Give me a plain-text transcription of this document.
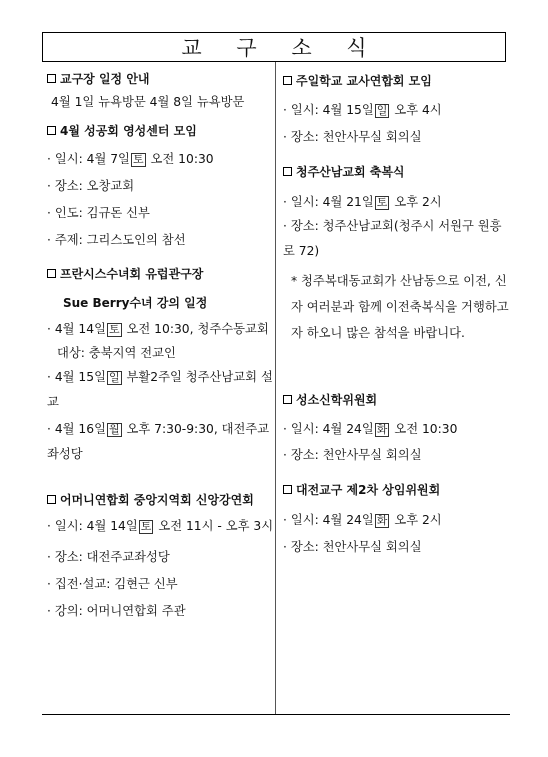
교 구 소 식

교구장 일정 안내

4월 1일 뉴욕방문 4월 8일 뉴욕방문

4월 성공회 영성센터 모임

· 일시: 4월 7일 토 오전 10:30

· 장소: 오창교회

· 인도: 김규돈 신부

· 주제: 그리스도인의 참선

프란시스수녀회 유럽관구장

Sue Berry수녀 강의 일정

· 4월 14일 토 오전 10:30, 청주수동교회

대상: 충북지역 전교인

· 4월 15일 일 부활2주일 청주산남교회 설교

· 4월 16일 월 오후 7:30-9:30, 대전주교좌성당

어머니연합회 중앙지역회 신앙강연회

· 일시: 4월 14일 토 오전 11시 - 오후 3시

· 장소: 대전주교좌성당

· 집전·설교: 김현근 신부

· 강의: 어머니연합회 주관

주일학교 교사연합회 모임

· 일시: 4월 15일 일 오후 4시

· 장소: 천안사무실 회의실

청주산남교회 축복식

· 일시: 4월 21일 토 오후 2시

· 장소: 청주산남교회(청주시 서원구 원흥로 72)

* 청주복대동교회가 산남동으로 이전, 신자 여러분과 함께 이전축복식을 거행하고자 하오니 많은 참석을 바랍니다.

성소신학위원회

· 일시: 4월 24일 화 오전 10:30

· 장소: 천안사무실 회의실

대전교구 제2차 상임위원회

· 일시: 4월 24일 화 오후 2시

· 장소: 천안사무실 회의실
